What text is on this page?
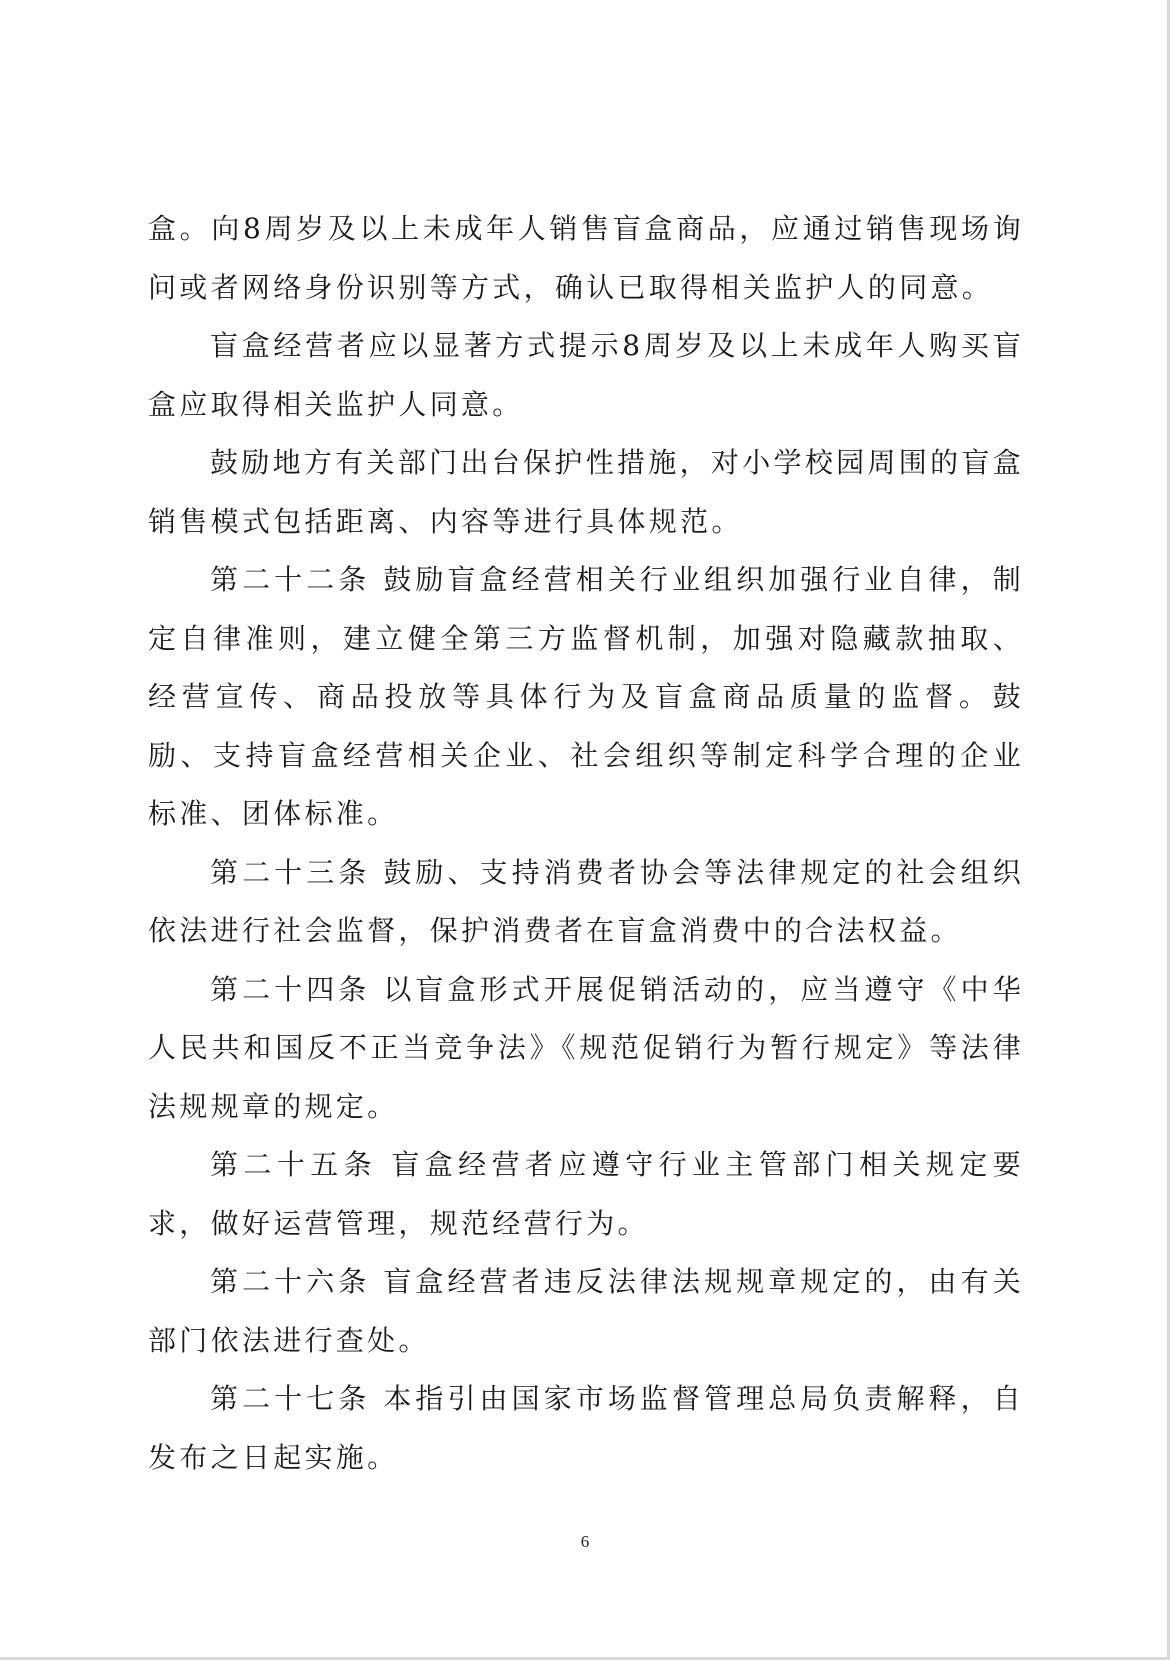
盒。向8周岁及以上未成年人销售盲盒商品，应通过销售现场询问或者网络身份识别等方式，确认已取得相关监护人的同意。

盲盒经营者应以显著方式提示8周岁及以上未成年人购买盲盒应取得相关监护人同意。

鼓励地方有关部门出台保护性措施，对小学校园周围的盲盒销售模式包括距离、内容等进行具体规范。

第二十二条 鼓励盲盒经营相关行业组织加强行业自律，制定自律准则，建立健全第三方监督机制，加强对隐藏款抽取、经营宣传、商品投放等具体行为及盲盒商品质量的监督。鼓励、支持盲盒经营相关企业、社会组织等制定科学合理的企业标准、团体标准。

第二十三条 鼓励、支持消费者协会等法律规定的社会组织依法进行社会监督，保护消费者在盲盒消费中的合法权益。

第二十四条 以盲盒形式开展促销活动的，应当遵守《中华人民共和国反不正当竞争法》《规范促销行为暂行规定》等法律法规规章的规定。

第二十五条 盲盒经营者应遵守行业主管部门相关规定要求，做好运营管理，规范经营行为。

第二十六条 盲盒经营者违反法律法规规章规定的，由有关部门依法进行查处。

第二十七条 本指引由国家市场监督管理总局负责解释，自发布之日起实施。

6
